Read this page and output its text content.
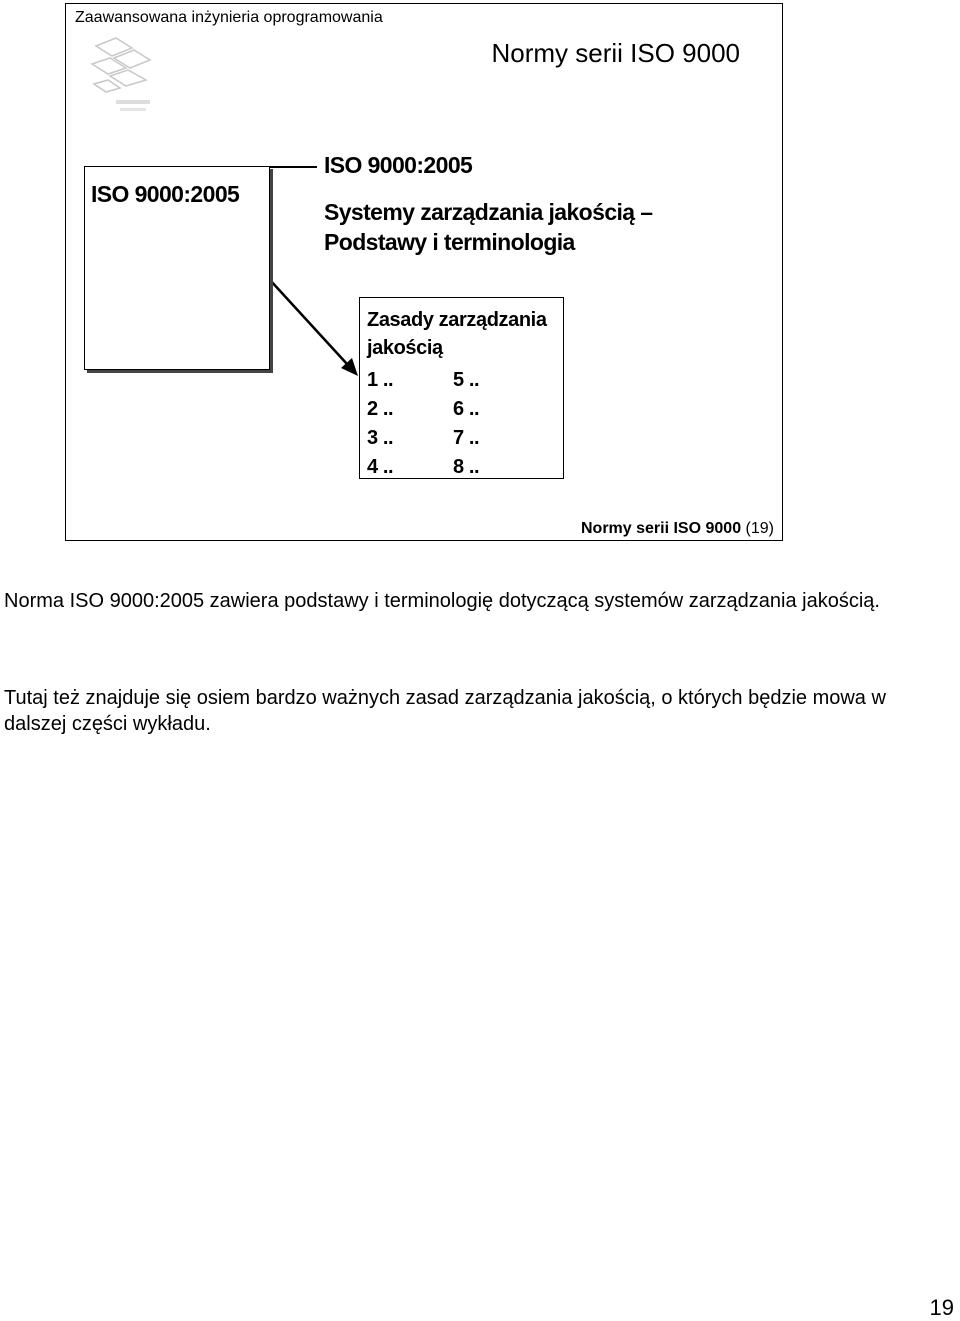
Zaawansowana inżynieria oprogramowania
Normy serii ISO 9000
ISO 9000:2005
ISO 9000:2005
Systemy zarządzania jakością –
Podstawy i terminologia
Zasady zarządzania jakością
1 ..	5 ..
2 ..	6 ..
3 ..	7 ..
4 ..	8 ..
Normy serii ISO 9000 (19)
Norma ISO 9000:2005 zawiera podstawy i terminologię dotyczącą systemów zarządzania jakością.
Tutaj też znajduje się osiem bardzo ważnych zasad zarządzania jakością, o których będzie mowa w dalszej części wykładu.
19
